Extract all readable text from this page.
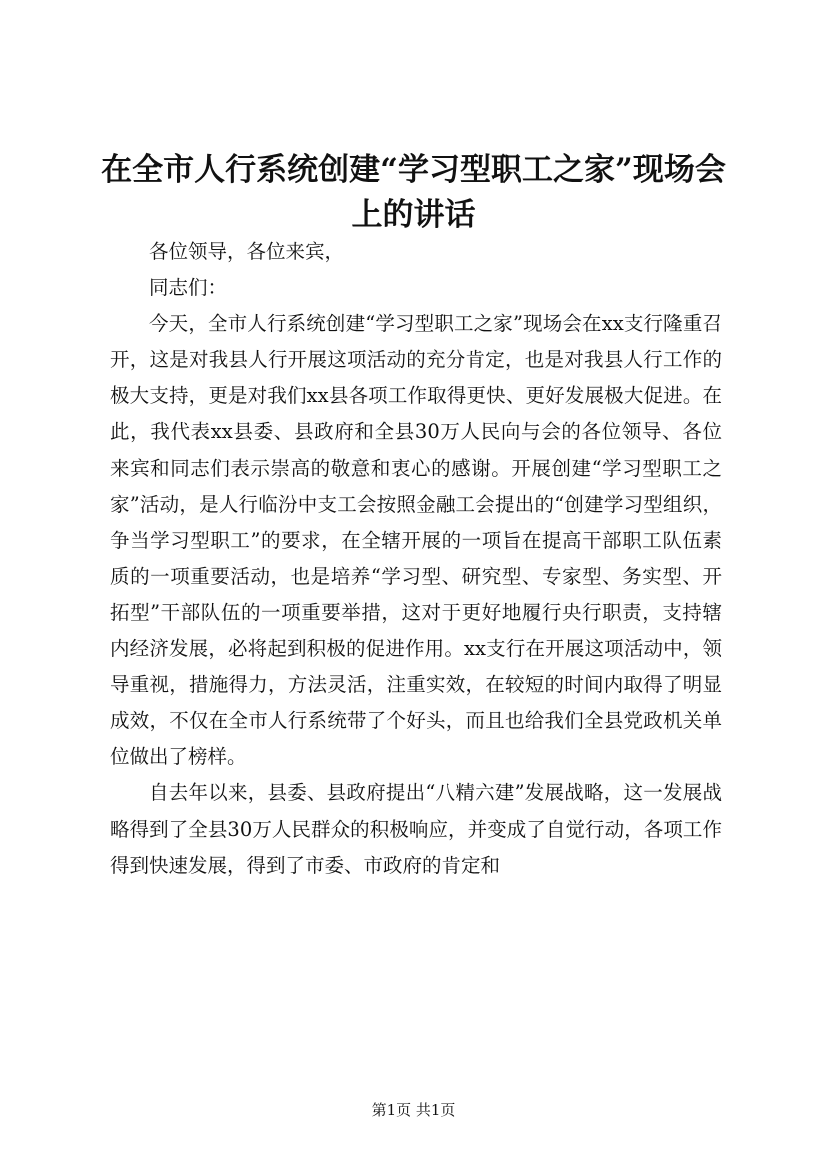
在全市人行系统创建“学习型职工之家”现场会上的讲话

各位领导，各位来宾，

同志们：

今天，全市人行系统创建“学习型职工之家”现场会在xx支行隆重召开，这是对我县人行开展这项活动的充分肯定，也是对我县人行工作的极大支持，更是对我们xx县各项工作取得更快、更好发展极大促进。在此，我代表xx县委、县政府和全县30万人民向与会的各位领导、各位来宾和同志们表示崇高的敬意和衷心的感谢。开展创建“学习型职工之家”活动，是人行临汾中支工会按照金融工会提出的“创建学习型组织，争当学习型职工”的要求，在全辖开展的一项旨在提高干部职工队伍素质的一项重要活动，也是培养“学习型、研究型、专家型、务实型、开拓型”干部队伍的一项重要举措，这对于更好地履行央行职责，支持辖内经济发展，必将起到积极的促进作用。xx支行在开展这项活动中，领导重视，措施得力，方法灵活，注重实效，在较短的时间内取得了明显成效，不仅在全市人行系统带了个好头，而且也给我们全县党政机关单位做出了榜样。

自去年以来，县委、县政府提出“八精六建”发展战略，这一发展战略得到了全县30万人民群众的积极响应，并变成了自觉行动，各项工作得到快速发展，得到了市委、市政府的肯定和

第1页 共1页
